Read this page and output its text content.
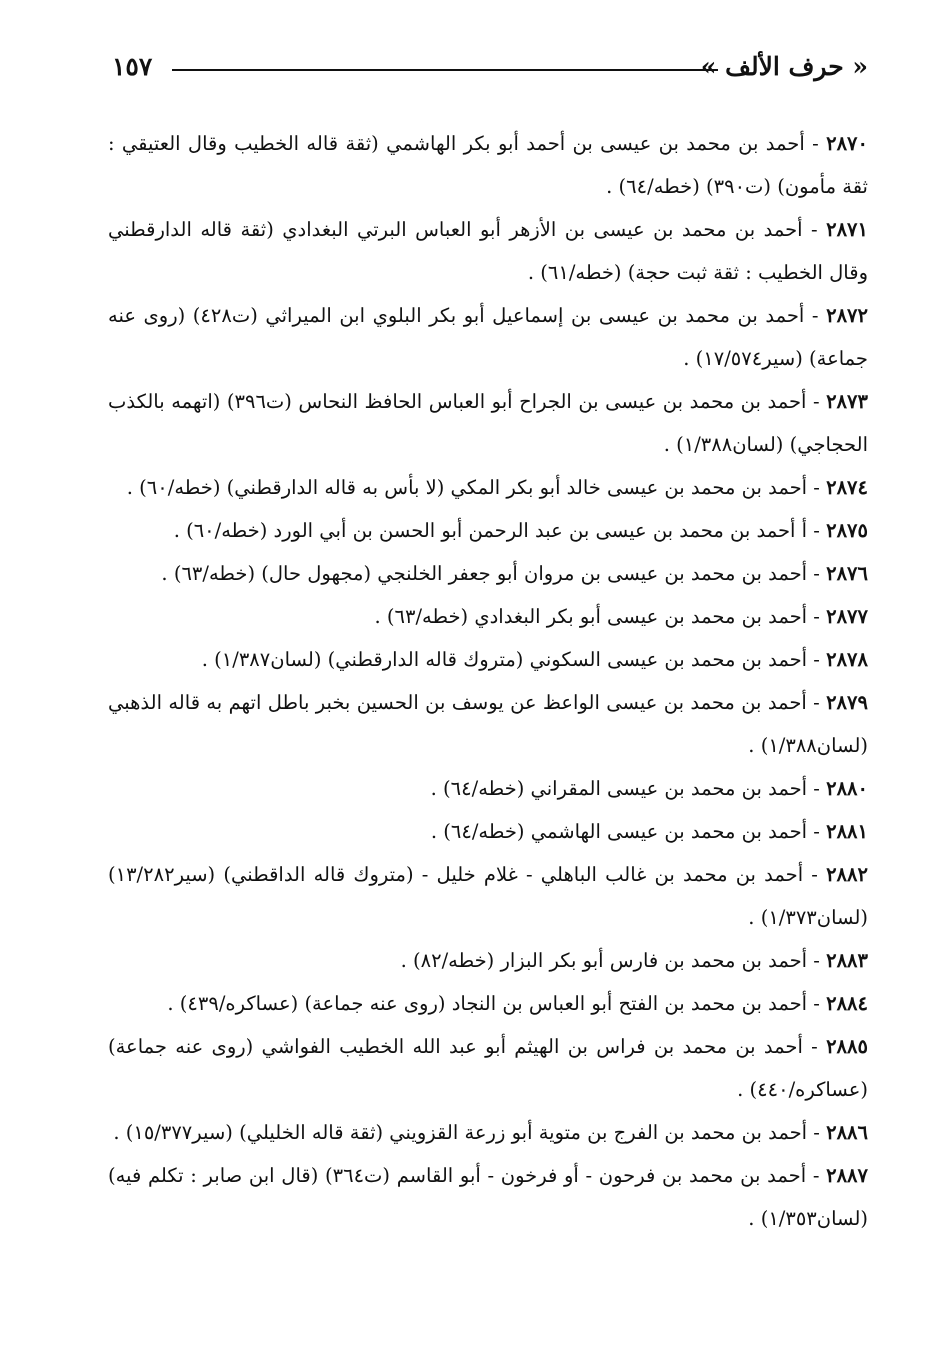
« حرف الألف »
١٥٧
٢٨٧٠ - أحمد بن محمد بن عيسى بن أحمد أبو بكر الهاشمي (ثقة قاله الخطيب وقال العتيقي : ثقة مأمون) (ت٣٩٠) (خطه/٦٤) .
٢٨٧١ - أحمد بن محمد بن عيسى بن الأزهر أبو العباس البرتي البغدادي (ثقة قاله الدارقطني وقال الخطيب : ثقة ثبت حجة) (خطه/٦١) .
٢٨٧٢ - أحمد بن محمد بن عيسى بن إسماعيل أبو بكر البلوي ابن الميراثي (ت٤٢٨) (روى عنه جماعة) (سير١٧/٥٧٤) .
٢٨٧٣ - أحمد بن محمد بن عيسى بن الجراح أبو العباس الحافظ النحاس (ت٣٩٦) (اتهمه بالكذب الحجاجي) (لسان١/٣٨٨) .
٢٨٧٤ - أحمد بن محمد بن عيسى خالد أبو بكر المكي (لا بأس به قاله الدارقطني) (خطه/٦٠) .
٢٨٧٥ - أ أحمد بن محمد بن عيسى بن عبد الرحمن أبو الحسن بن أبي الورد (خطه/٦٠) .
٢٨٧٦ - أحمد بن محمد بن عيسى بن مروان أبو جعفر الخلنجي (مجهول حال) (خطه/٦٣) .
٢٨٧٧ - أحمد بن محمد بن عيسى أبو بكر البغدادي (خطه/٦٣) .
٢٨٧٨ - أحمد بن محمد بن عيسى السكوني (متروك قاله الدارقطني) (لسان١/٣٨٧) .
٢٨٧٩ - أحمد بن محمد بن عيسى الواعظ عن يوسف بن الحسين بخبر باطل اتهم به قاله الذهبي (لسان١/٣٨٨) .
٢٨٨٠ - أحمد بن محمد بن عيسى المقراني (خطه/٦٤) .
٢٨٨١ - أحمد بن محمد بن عيسى الهاشمي (خطه/٦٤) .
٢٨٨٢ - أحمد بن محمد بن غالب الباهلي - غلام خليل - (متروك قاله الداقطني) (سير١٣/٢٨٢) (لسان١/٣٧٣) .
٢٨٨٣ - أحمد بن محمد بن فارس أبو بكر البزار (خطه/٨٢) .
٢٨٨٤ - أحمد بن محمد بن الفتح أبو العباس بن النجاد (روى عنه جماعة) (عساكره/٤٣٩) .
٢٨٨٥ - أحمد بن محمد بن فراس بن الهيثم أبو عبد الله الخطيب الفواشي (روى عنه جماعة) (عساكره/٤٤٠) .
٢٨٨٦ - أحمد بن محمد بن الفرج بن متوية أبو زرعة القزويني (ثقة قاله الخليلي) (سير١٥/٣٧٧) .
٢٨٨٧ - أحمد بن محمد بن فرحون - أو فرخون - أبو القاسم (ت٣٦٤) (قال ابن صابر : تكلم فيه) (لسان١/٣٥٣) .
